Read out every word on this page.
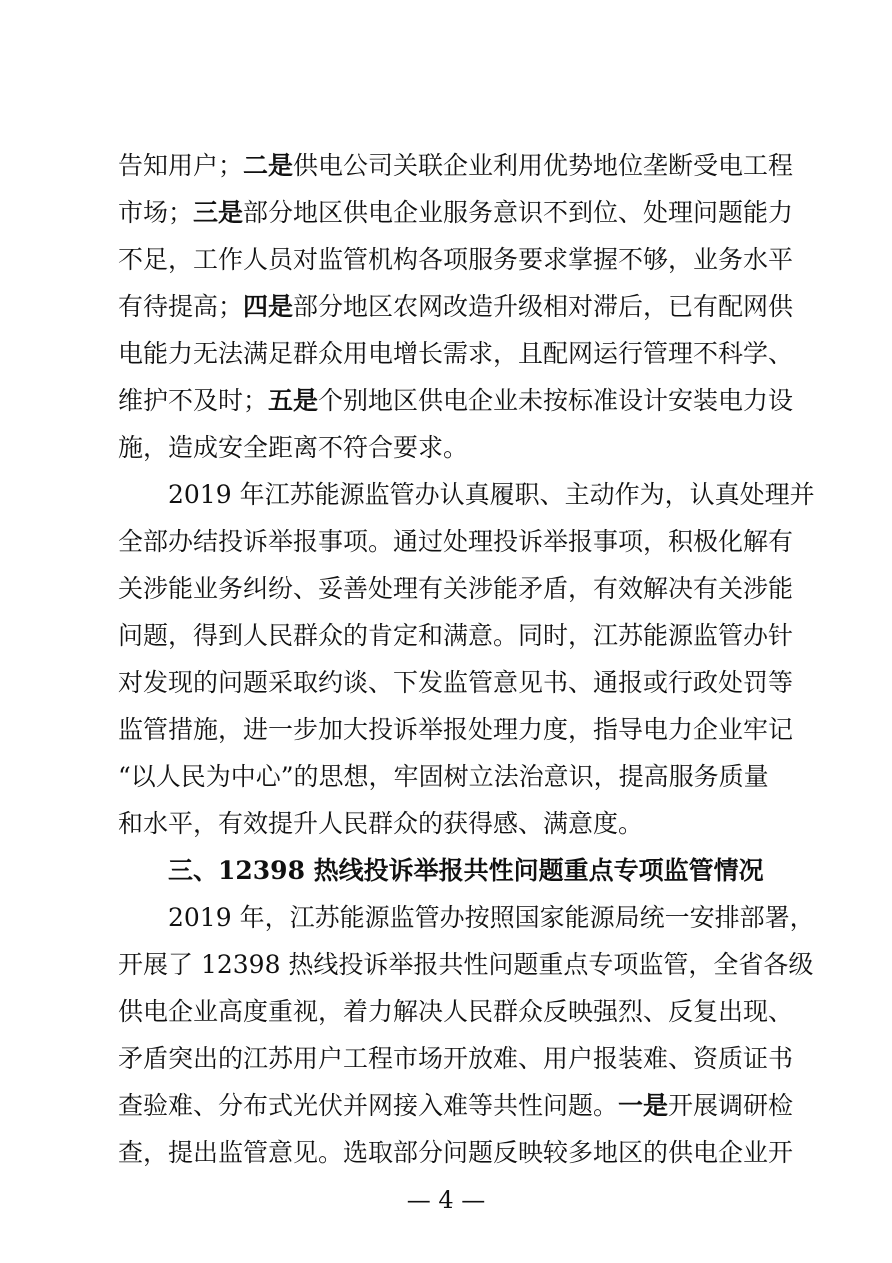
告知用户；二是供电公司关联企业利用优势地位垄断受电工程
市场；三是部分地区供电企业服务意识不到位、处理问题能力
不足，工作人员对监管机构各项服务要求掌握不够，业务水平
有待提高；四是部分地区农网改造升级相对滞后，已有配网供
电能力无法满足群众用电增长需求，且配网运行管理不科学、
维护不及时；五是个别地区供电企业未按标准设计安装电力设
施，造成安全距离不符合要求。
2019 年江苏能源监管办认真履职、主动作为，认真处理并
全部办结投诉举报事项。通过处理投诉举报事项，积极化解有
关涉能业务纠纷、妥善处理有关涉能矛盾，有效解决有关涉能
问题，得到人民群众的肯定和满意。同时，江苏能源监管办针
对发现的问题采取约谈、下发监管意见书、通报或行政处罚等
监管措施，进一步加大投诉举报处理力度，指导电力企业牢记
“以人民为中心”的思想，牢固树立法治意识，提高服务质量
和水平，有效提升人民群众的获得感、满意度。
三、12398 热线投诉举报共性问题重点专项监管情况
2019 年，江苏能源监管办按照国家能源局统一安排部署，
开展了 12398 热线投诉举报共性问题重点专项监管，全省各级
供电企业高度重视，着力解决人民群众反映强烈、反复出现、
矛盾突出的江苏用户工程市场开放难、用户报装难、资质证书
查验难、分布式光伏并网接入难等共性问题。一是开展调研检
— 4 —
查，提出监管意见。选取部分问题反映较多地区的供电企业开
